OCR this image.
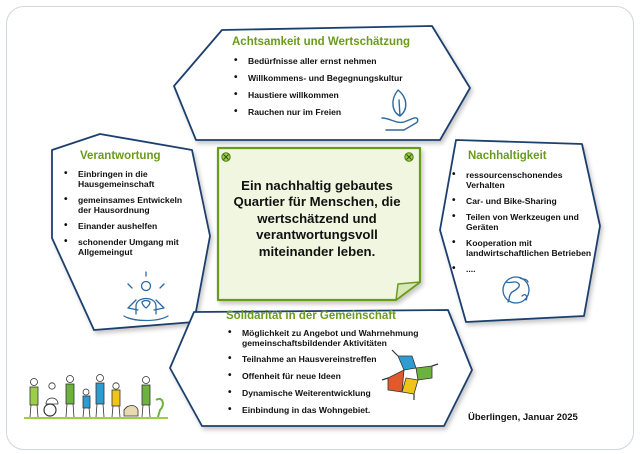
Ein nachhaltig gebautes Quartier für Menschen, die wertschätzend und verantwortungsvoll miteinander leben.
Achtsamkeit und Wertschätzung
• Bedürfnisse aller ernst nehmen
• Willkommens- und Begegnungskultur
• Haustiere willkommen
• Rauchen nur im Freien
Verantwortung
• Einbringen in die Hausgemeinschaft
• gemeinsames Entwickeln der Hausordnung
• Einander aushelfen
• schonender Umgang mit Allgemeingut
Nachhaltigkeit
• ressourcenschonendes Verhalten
• Car- und Bike-Sharing
• Teilen von Werkzeugen und Geräten
• Kooperation mit landwirtschaftlichen Betrieben
• ....
Solidarität in der Gemeinschaft
• Möglichkeit zu Angebot und Wahrnehmung gemeinschaftsbildender Aktivitäten
• Teilnahme an Hausvereinstreffen
• Offenheit für neue Ideen
• Dynamische Weiterentwicklung
• Einbindung in das Wohngebiet.
Überlingen, Januar 2025
